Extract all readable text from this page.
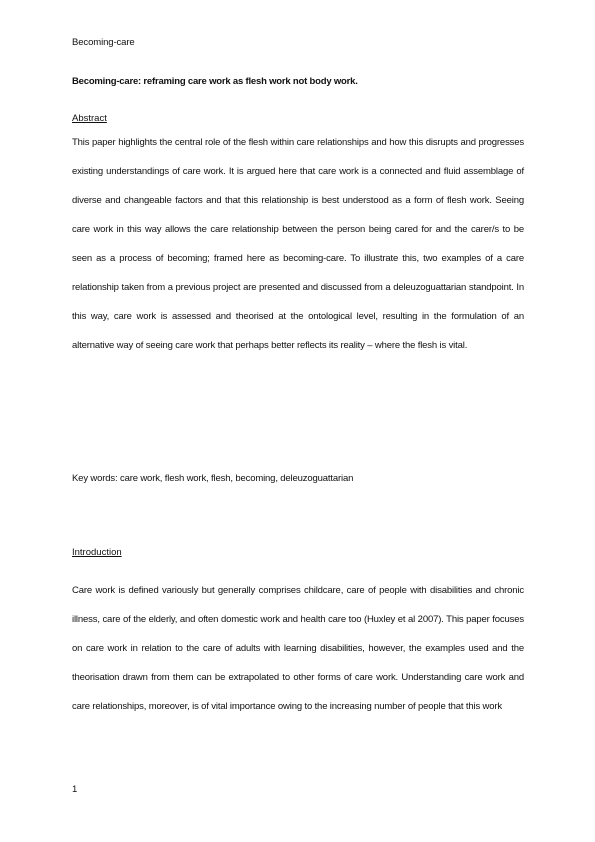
Becoming-care
Becoming-care: reframing care work as flesh work not body work.
Abstract

This paper highlights the central role of the flesh within care relationships and how this disrupts and progresses existing understandings of care work. It is argued here that care work is a connected and fluid assemblage of diverse and changeable factors and that this relationship is best understood as a form of flesh work. Seeing care work in this way allows the care relationship between the person being cared for and the carer/s to be seen as a process of becoming; framed here as becoming-care. To illustrate this, two examples of a care relationship taken from a previous project are presented and discussed from a deleuzoguattarian standpoint. In this way, care work is assessed and theorised at the ontological level, resulting in the formulation of an alternative way of seeing care work that perhaps better reflects its reality – where the flesh is vital.

Key words: care work, flesh work, flesh, becoming, deleuzoguattarian
Introduction

Care work is defined variously but generally comprises childcare, care of people with disabilities and chronic illness, care of the elderly, and often domestic work and health care too (Huxley et al 2007). This paper focuses on care work in relation to the care of adults with learning disabilities, however, the examples used and the theorisation drawn from them can be extrapolated to other forms of care work. Understanding care work and care relationships, moreover, is of vital importance owing to the increasing number of people that this work

1
